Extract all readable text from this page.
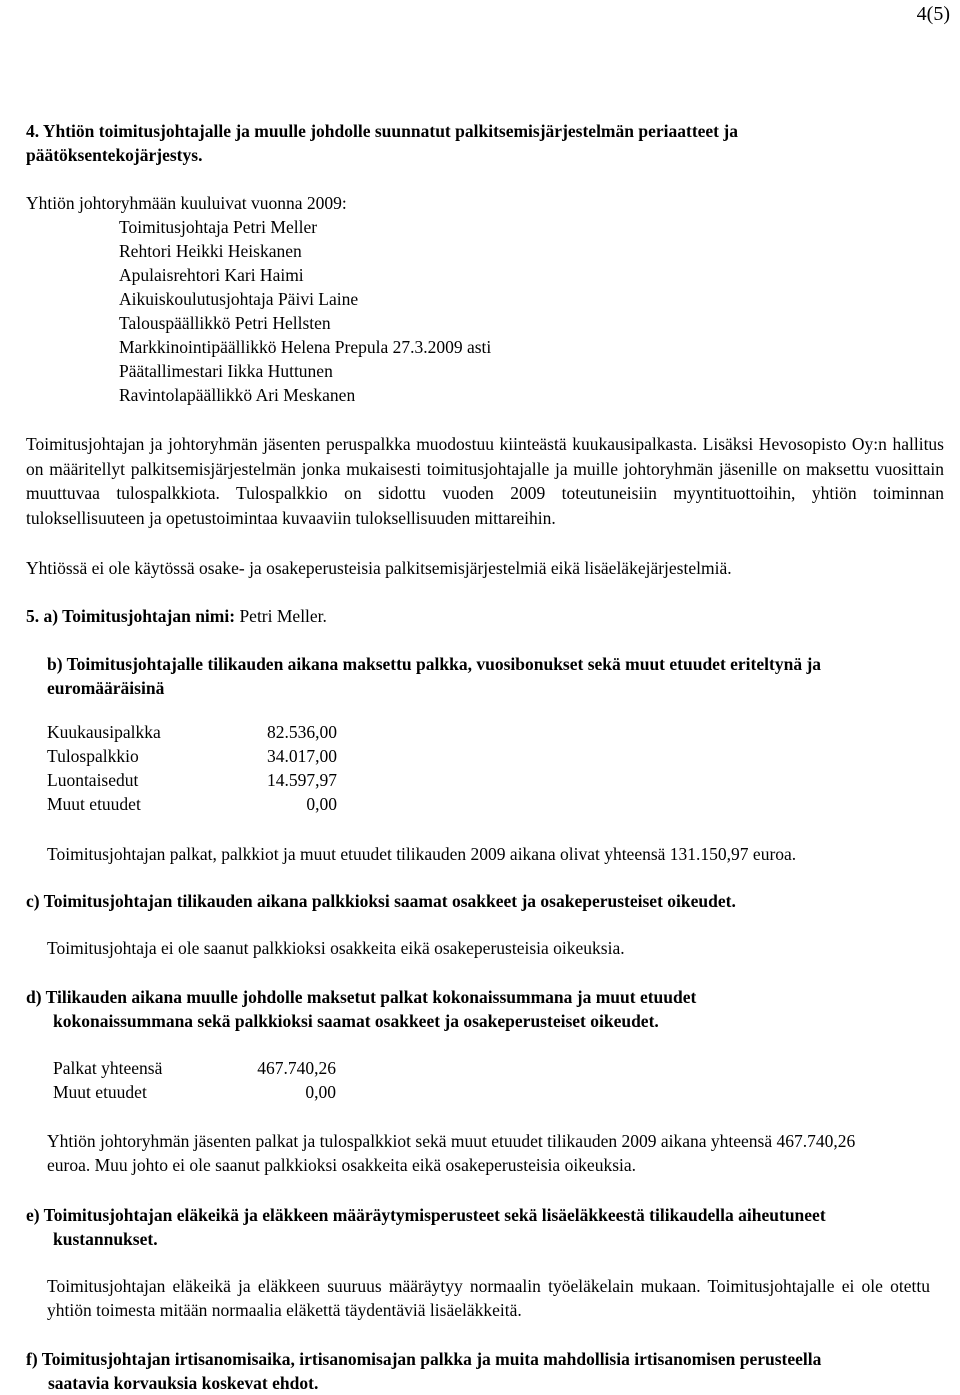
4(5)
4. Yhtiön toimitusjohtajalle ja muulle johdolle suunnatut palkitsemisjärjestelmän periaatteet ja
päätöksentekojärjestys.
Yhtiön johtoryhmään kuuluivat vuonna 2009:
Toimitusjohtaja Petri Meller
Rehtori Heikki Heiskanen
Apulaisrehtori Kari Haimi
Aikuiskoulutusjohtaja Päivi Laine
Talouspäällikkö Petri Hellsten
Markkinointipäällikkö Helena Prepula 27.3.2009 asti
Päätallimestari Iikka Huttunen
Ravintolapäällikkö Ari Meskanen
Toimitusjohtajan ja johtoryhmän jäsenten peruspalkka muodostuu kiinteästä kuukausipalkasta. Lisäksi Hevosopisto Oy:n hallitus on määritellyt palkitsemisjärjestelmän jonka mukaisesti toimitusjohtajalle ja muille johtoryhmän jäsenille on maksettu vuosittain muuttuvaa tulospalkkiota. Tulospalkkio on sidottu vuoden 2009 toteutuneisiin myyntituottoihin, yhtiön toiminnan tuloksellisuuteen ja opetustoimintaa kuvaaviin tuloksellisuuden mittareihin.
Yhtiössä ei ole käytössä osake- ja osakeperusteisia palkitsemisjärjestelmiä eikä lisäeläkejärjestelmiä.
5. a) Toimitusjohtajan nimi: Petri Meller.
b) Toimitusjohtajalle tilikauden aikana maksettu palkka, vuosibonukset sekä muut etuudet eriteltynä ja
euromääräisinä
Kuukausipalkka	82.536,00
Tulospalkkio	34.017,00
Luontaisedut	14.597,97
Muut etuudet	0,00
Toimitusjohtajan palkat, palkkiot ja muut etuudet tilikauden 2009 aikana olivat yhteensä 131.150,97 euroa.
c) Toimitusjohtajan tilikauden aikana palkkioksi saamat osakkeet ja osakeperusteiset oikeudet.
Toimitusjohtaja ei ole saanut palkkioksi osakkeita eikä osakeperusteisia oikeuksia.
d) Tilikauden aikana muulle johdolle maksetut palkat kokonaissummana ja muut etuudet
kokonaissummana sekä palkkioksi saamat osakkeet ja osakeperusteiset oikeudet.
Palkat yhteensä	467.740,26
Muut etuudet	0,00
Yhtiön johtoryhmän jäsenten palkat ja tulospalkkiot sekä muut etuudet tilikauden 2009 aikana yhteensä 467.740,26 euroa. Muu johto ei ole saanut palkkioksi osakkeita eikä osakeperusteisia oikeuksia.
e) Toimitusjohtajan eläkeikä ja eläkkeen määräytymisperusteet sekä lisäeläkkeestä tilikaudella aiheutuneet
kustannukset.
Toimitusjohtajan eläkeikä ja eläkkeen suuruus määräytyy normaalin työeläkelain mukaan. Toimitusjohtajalle ei ole otettu yhtiön toimesta mitään normaalia eläkettä täydentäviä lisäeläkkeitä.
f) Toimitusjohtajan irtisanomisaika, irtisanomisajan palkka ja muita mahdollisia irtisanomisen perusteella
saatavia korvauksia koskevat ehdot.
